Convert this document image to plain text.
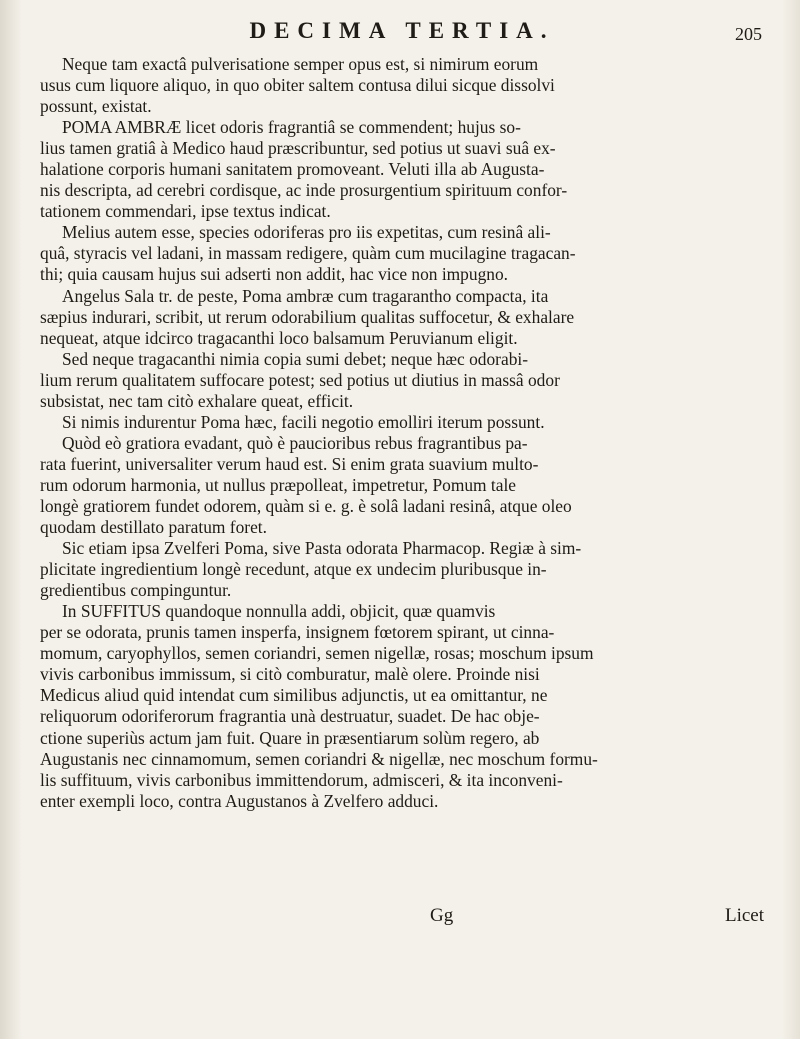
DECIMA TERTIA.	205
Neque tam exactâ pulverisatione semper opus est, si nimirum eorum
usus cum liquore aliquo, in quo obiter saltem contusa dilui sicque dissolvi
possunt, existat.
POMA AMBRÆ licet odoris fragrantiâ se commendent; hujus so-
lius tamen gratiâ à Medico haud præscribuntur, sed potius ut suavi suâ ex-
halatione corporis humani sanitatem promoveant. Veluti illa ab Augusta-
nis descripta, ad cerebri cordisque, ac inde prosurgentium spirituum confor-
tationem commendari, ipse textus indicat.
Melius autem esse, species odoriferas pro iis expetitas, cum resinâ ali-
quâ, styracis vel ladani, in massam redigere, quàm cum mucilagine tragacan-
thi; quia causam hujus sui adserti non addit, hac vice non impugno.
Angelus Sala tr. de peste, Poma ambræ cum tragarantho compacta, ita
sæpius indurari, scribit, ut rerum odorabilium qualitas suffocetur, & exhalare
nequeat, atque idcirco tragacanthi loco balsamum Peruvianum eligit.
Sed neque tragacanthi nimia copia sumi debet; neque hæc odorabi-
lium rerum qualitatem suffocare potest; sed potius ut diutius in massâ odor
subsistat, nec tam citò exhalare queat, efficit.
Si nimis indurentur Poma hæc, facili negotio emolliri iterum possunt.
Quòd eò gratiora evadant, quò è paucioribus rebus fragrantibus pa-
rata fuerint, universaliter verum haud est. Si enim grata suavium multo-
rum odorum harmonia, ut nullus præpolleat, impetretur, Pomum tale
longè gratiorem fundet odorem, quàm si e. g. è solâ ladani resinâ, atque oleo
quodam destillato paratum foret.
Sic etiam ipsa Zvelferi Poma, sive Pasta odorata Pharmacop. Regiæ à sim-
plicitate ingredientium longè recedunt, atque ex undecim pluribusque in-
gredientibus compinguntur.
In SUFFITUS quandoque nonnulla addi, objicit, quæ quamvis
per se odorata, prunis tamen insperfa, insignem fœtorem spirant, ut cinna-
momum, caryophyllos, semen coriandri, semen nigellæ, rosas; moschum ipsum
vivis carbonibus immissum, si citò comburatur, malè olere. Proinde nisi
Medicus aliud quid intendat cum similibus adjunctis, ut ea omittantur, ne
reliquorum odoriferorum fragrantia unà destruatur, suadet. De hac obje-
ctione superiùs actum jam fuit. Quare in præsentiarum solùm regero, ab
Augustanis nec cinnamomum, semen coriandri & nigellæ, nec moschum formu-
lis suffituum, vivis carbonibus immittendorum, admisceri, & ita inconveni-
enter exempli loco, contra Augustanos à Zvelfero adduci.
Gg	Licet
